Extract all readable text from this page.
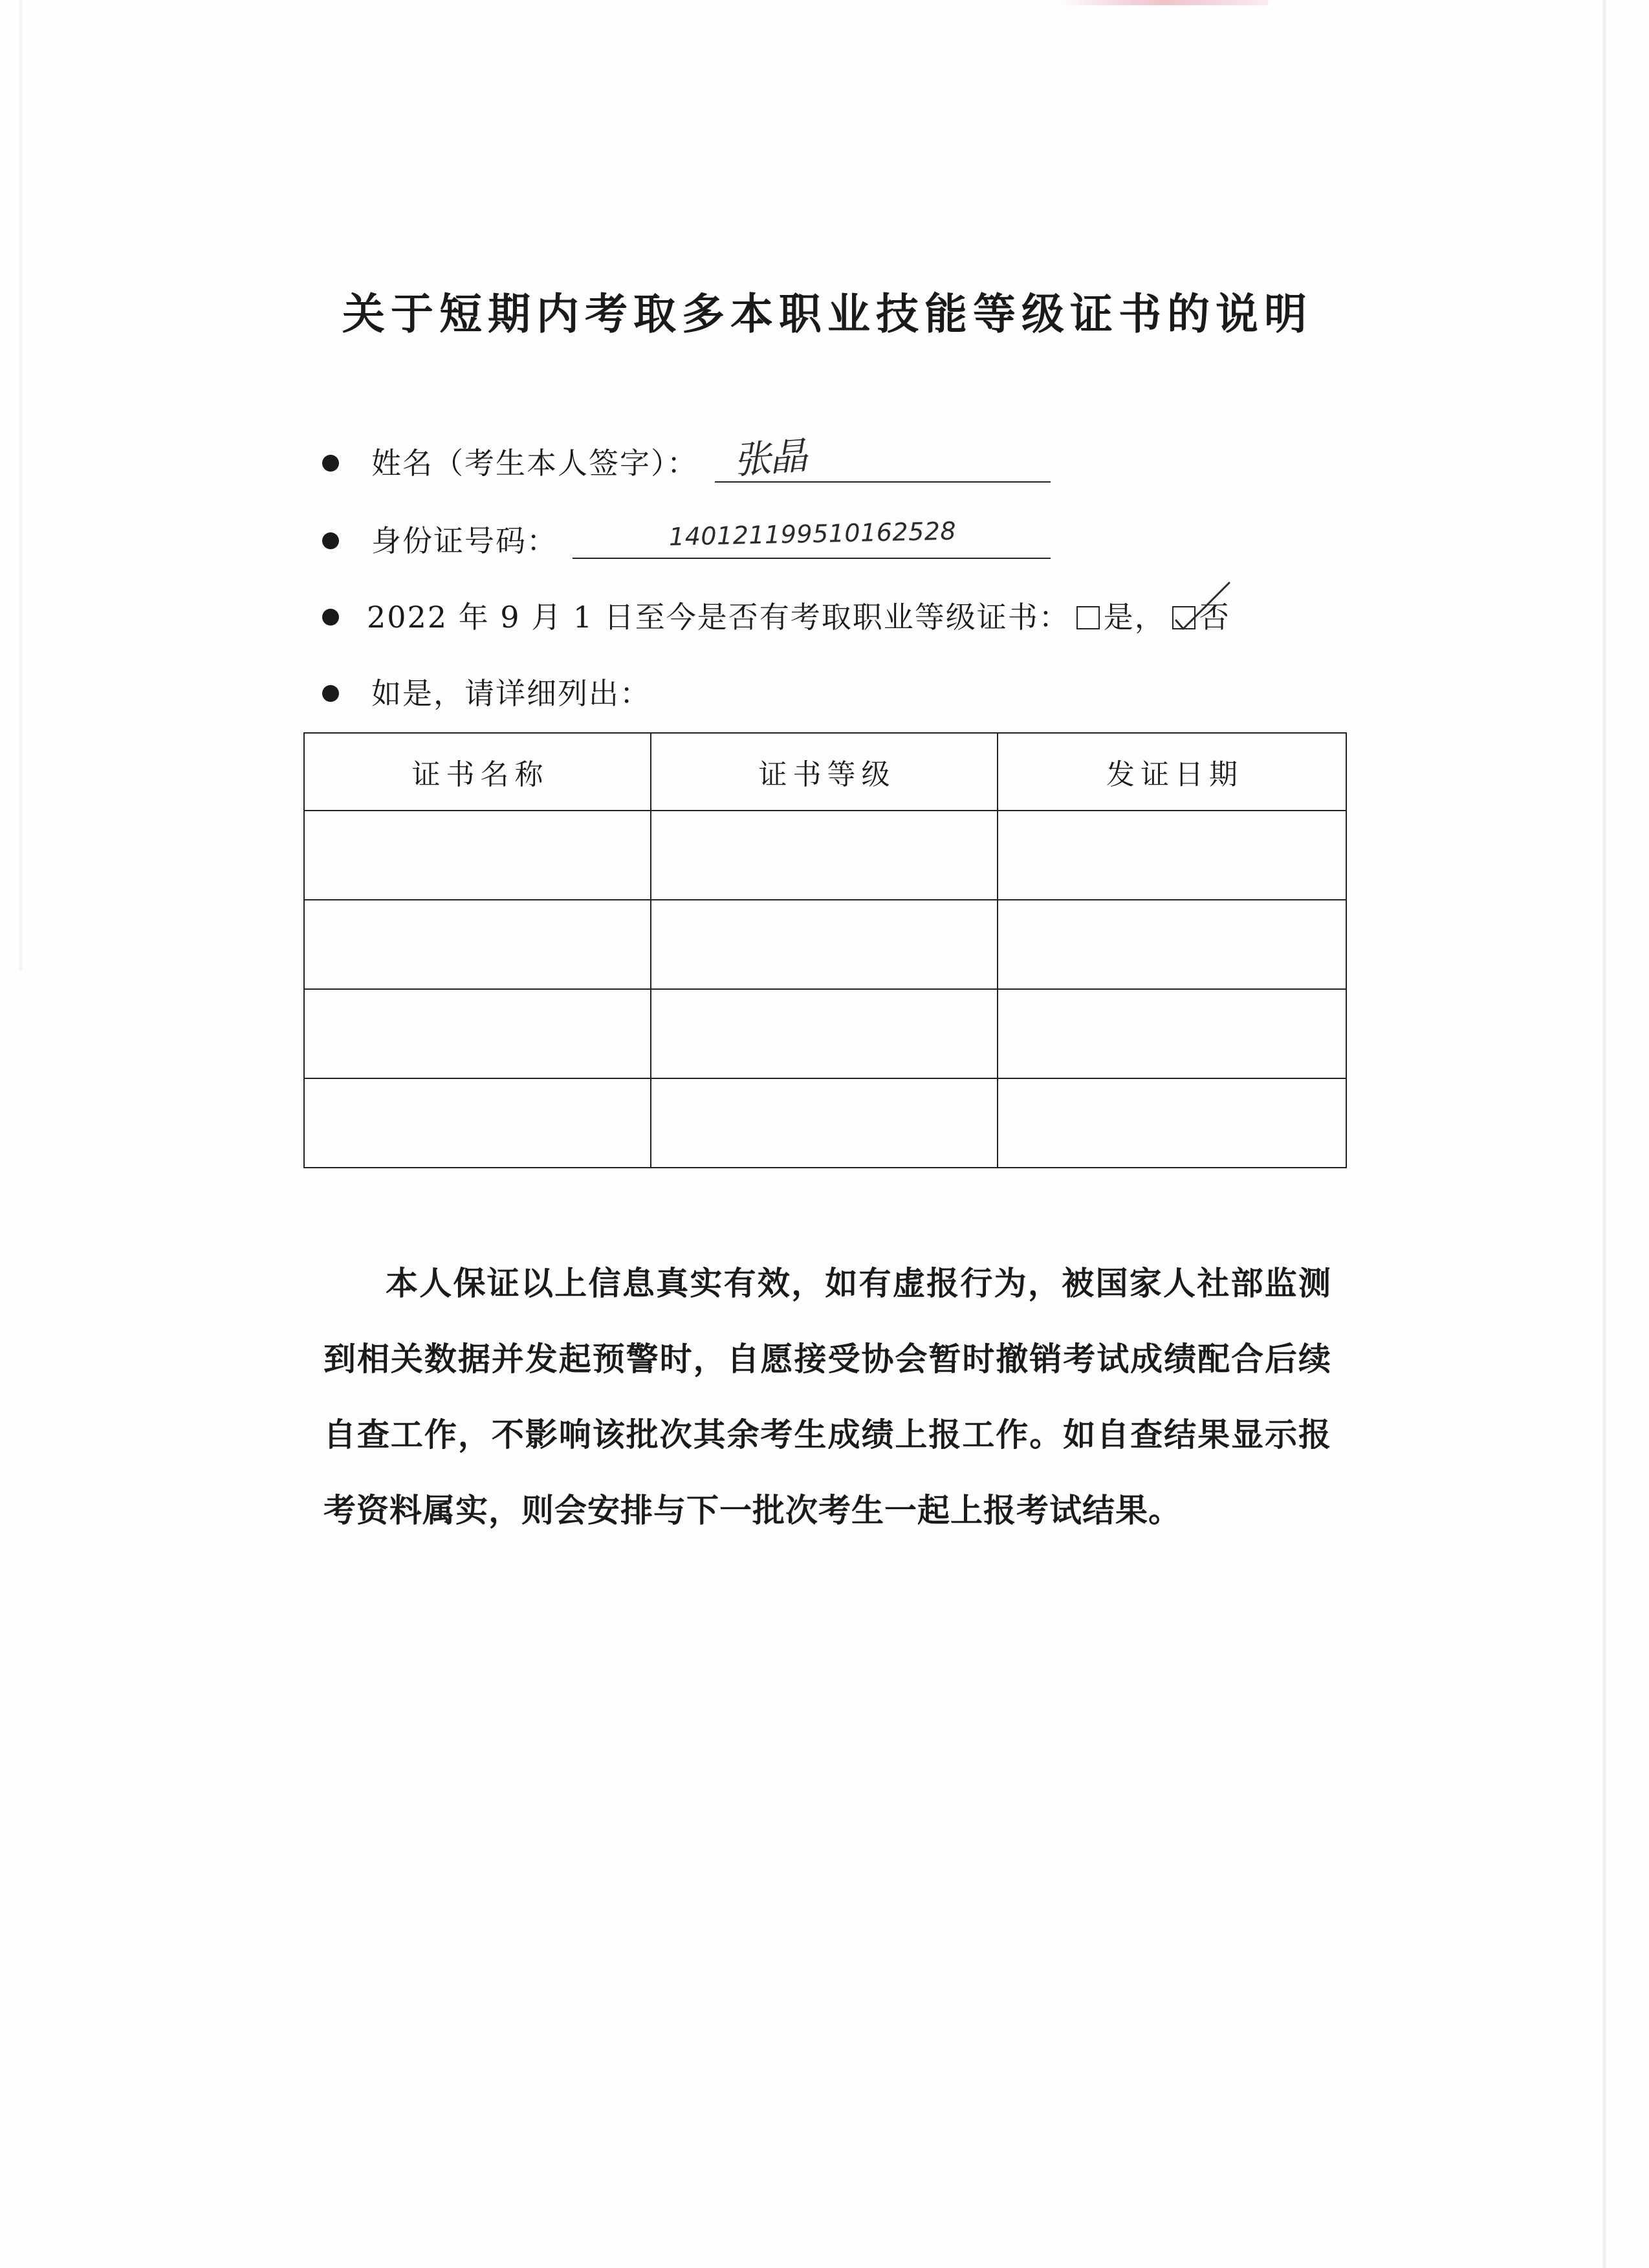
关于短期内考取多本职业技能等级证书的说明
姓名（考生本人签字）： 张晶
身份证号码：	140121199510162528
2022 年 9 月 1 日至今是否有考取职业等级证书： 是， 否
如是，请详细列出：
证书名称	证书等级	发证日期

本人保证以上信息真实有效，如有虚报行为，被国家人社部监测
到相关数据并发起预警时，自愿接受协会暂时撤销考试成绩配合后续
自查工作，不影响该批次其余考生成绩上报工作。如自查结果显示报
考资料属实，则会安排与下一批次考生一起上报考试结果。
